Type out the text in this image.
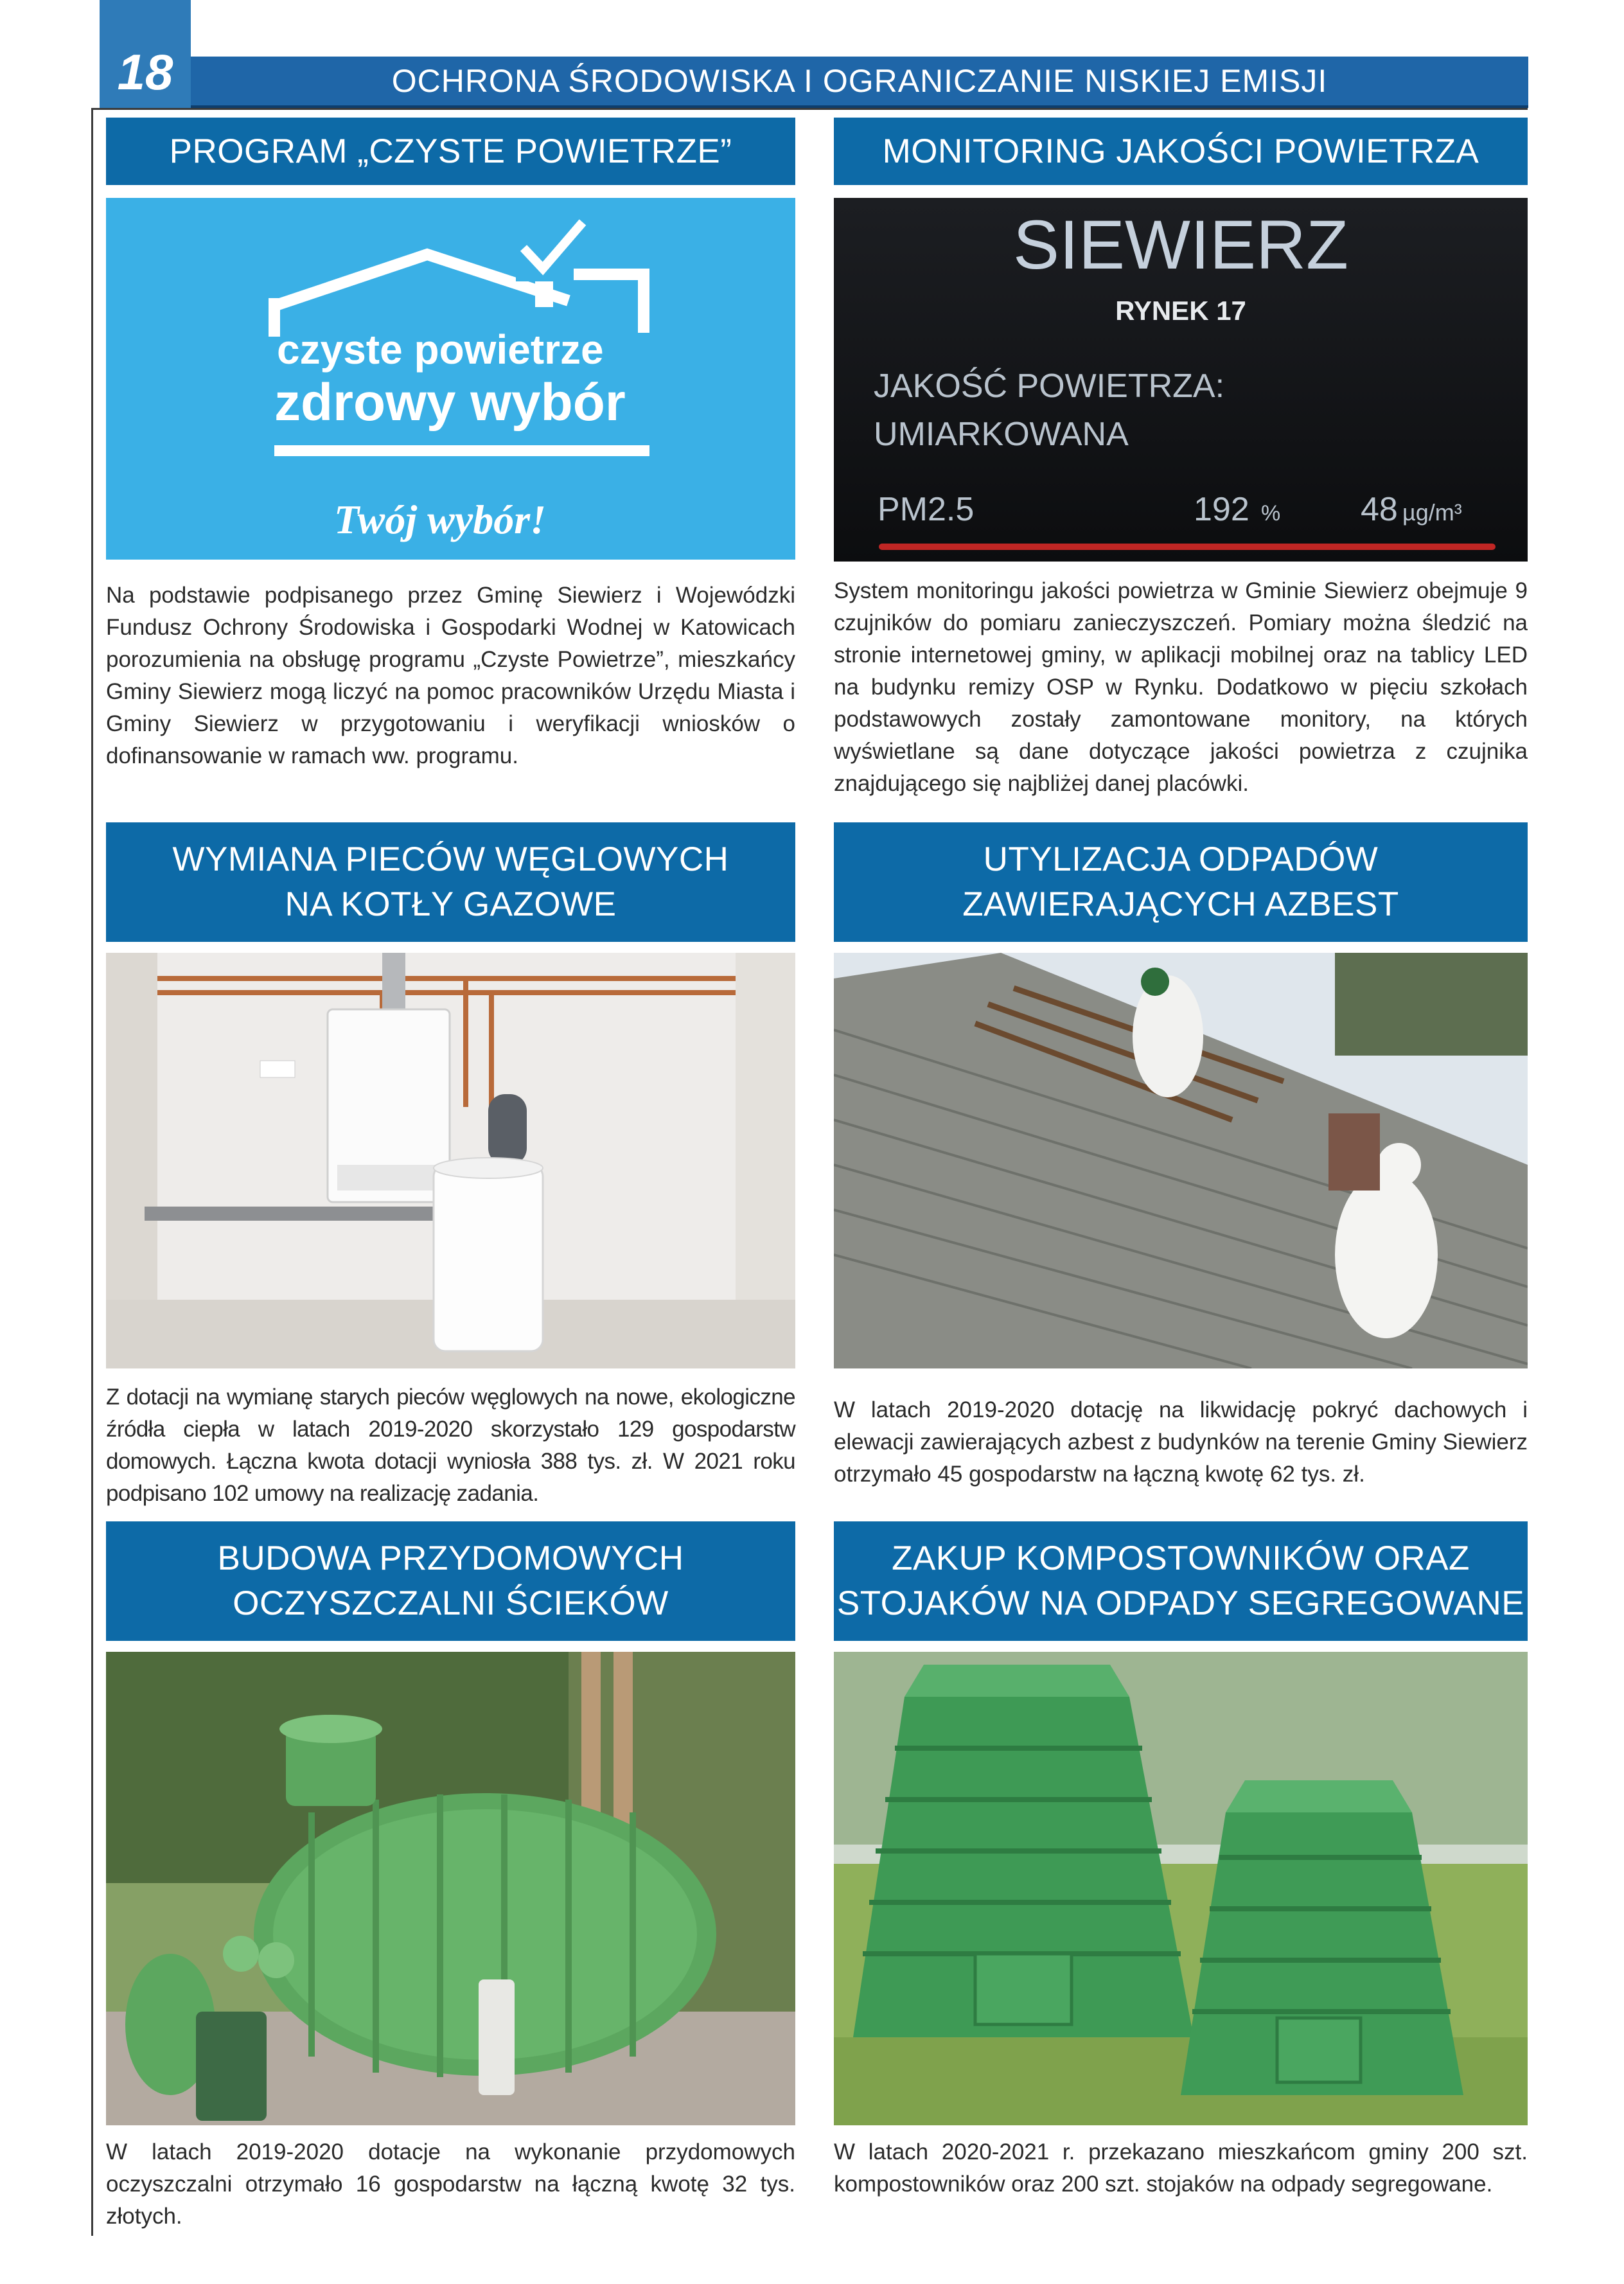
18	OCHRONA ŚRODOWISKA I OGRANICZANIE NISKIEJ EMISJI
PROGRAM „CZYSTE POWIETRZE”
czyste powietrze
zdrowy wybór
Twój wybór!
Na podstawie podpisanego przez Gminę Siewierz i Wojewódzki Fundusz Ochrony Środowiska i Gospodarki Wodnej w Katowicach porozumienia na obsługę programu „Czyste Powietrze”, mieszkańcy Gminy Siewierz mogą liczyć na pomoc pracowników Urzędu Miasta i Gminy Siewierz w przygotowaniu i weryfikacji wniosków o dofinansowanie w ramach ww. programu.
MONITORING JAKOŚCI POWIETRZA
SIEWIERZ
RYNEK 17
JAKOŚĆ POWIETRZA:
UMIARKOWANA
PM2.5	192 % 48 µg/m³
System monitoringu jakości powietrza w Gminie Siewierz obejmuje 9 czujników do pomiaru zanieczyszczeń. Pomiary można śledzić na stronie internetowej gminy, w aplikacji mobilnej oraz na tablicy LED na budynku remizy OSP w Rynku. Dodatkowo w pięciu szkołach podstawowych zostały zamontowane monitory, na których wyświetlane są dane dotyczące jakości powietrza z czujnika znajdującego się najbliżej danej placówki.
WYMIANA PIECÓW WĘGLOWYCH
NA KOTŁY GAZOWE
Z dotacji na wymianę starych pieców węglowych na nowe, ekologiczne źródła ciepła w latach 2019-2020 skorzystało 129 gospodarstw domowych. Łączna kwota dotacji wyniosła 388 tys. zł. W 2021 roku podpisano 102 umowy na realizację zadania.
UTYLIZACJA ODPADÓW
ZAWIERAJĄCYCH AZBEST
W latach 2019-2020 dotację na likwidację pokryć dachowych i elewacji zawierających azbest z budynków na terenie Gminy Siewierz otrzymało 45 gospodarstw na łączną kwotę 62 tys. zł.
BUDOWA PRZYDOMOWYCH
OCZYSZCZALNI ŚCIEKÓW
W latach 2019-2020 dotacje na wykonanie przydomowych oczyszczalni otrzymało 16 gospodarstw na łączną kwotę 32 tys. złotych.
ZAKUP KOMPOSTOWNIKÓW ORAZ
STOJAKÓW NA ODPADY SEGREGOWANE
W latach 2020-2021 r. przekazano mieszkańcom gminy 200 szt. kompostowników oraz 200 szt. stojaków na odpady segregowane.
